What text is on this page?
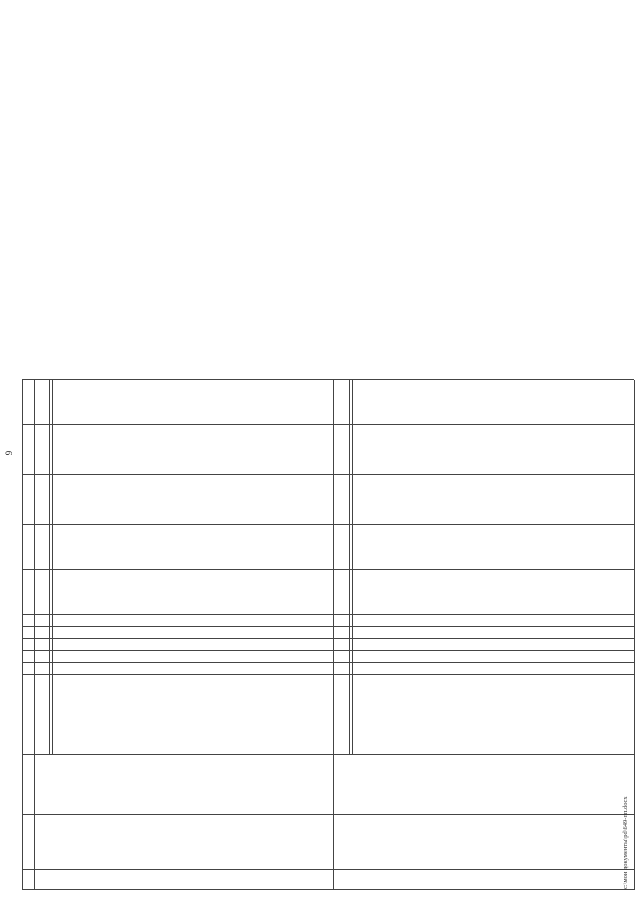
9
c:\мои документы\pd\649-пп.docx
